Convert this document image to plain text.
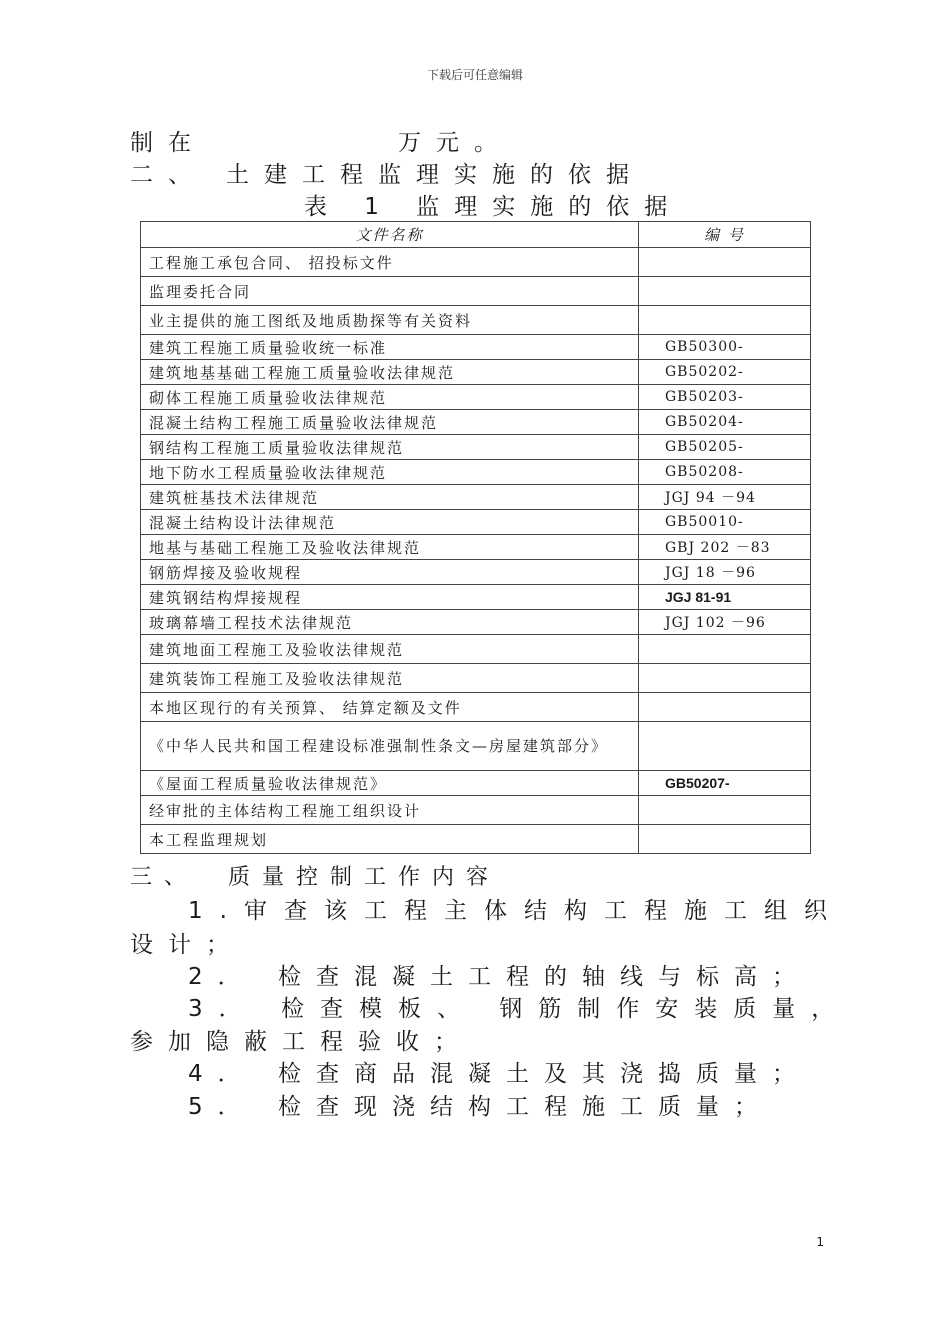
下载后可任意编辑
制在	万元。
二、 土建工程监理实施的依据
表 1 监理实施的依据
文件名称	编 号
工程施工承包合同、 招投标文件	
监理委托合同	
业主提供的施工图纸及地质勘探等有关资料	
建筑工程施工质量验收统一标准	GB50300-
建筑地基基础工程施工质量验收法律规范	GB50202-
砌体工程施工质量验收法律规范	GB50203-
混凝土结构工程施工质量验收法律规范	GB50204-
钢结构工程施工质量验收法律规范	GB50205-
地下防水工程质量验收法律规范	GB50208-
建筑桩基技术法律规范	JGJ 94 －94
混凝土结构设计法律规范	GB50010-
地基与基础工程施工及验收法律规范	GBJ 202 －83
钢筋焊接及验收规程	JGJ 18 －96
建筑钢结构焊接规程	JGJ 81-91
玻璃幕墙工程技术法律规范	JGJ 102 －96
建筑地面工程施工及验收法律规范	
建筑装饰工程施工及验收法律规范	
本地区现行的有关预算、 结算定额及文件	
《中华人民共和国工程建设标准强制性条文—房屋建筑部分》	
《屋面工程质量验收法律规范》	GB50207-
经审批的主体结构工程施工组织设计	
本工程监理规划	
三、 质量控制工作内容
1.审查该工程主体结构工程施工组织
设计；
2． 检查混凝土工程的轴线与标高；
3． 检查模板、 钢筋制作安装质量，
参加隐蔽工程验收；
4． 检查商品混凝土及其浇捣质量；
5． 检查现浇结构工程施工质量；
1
